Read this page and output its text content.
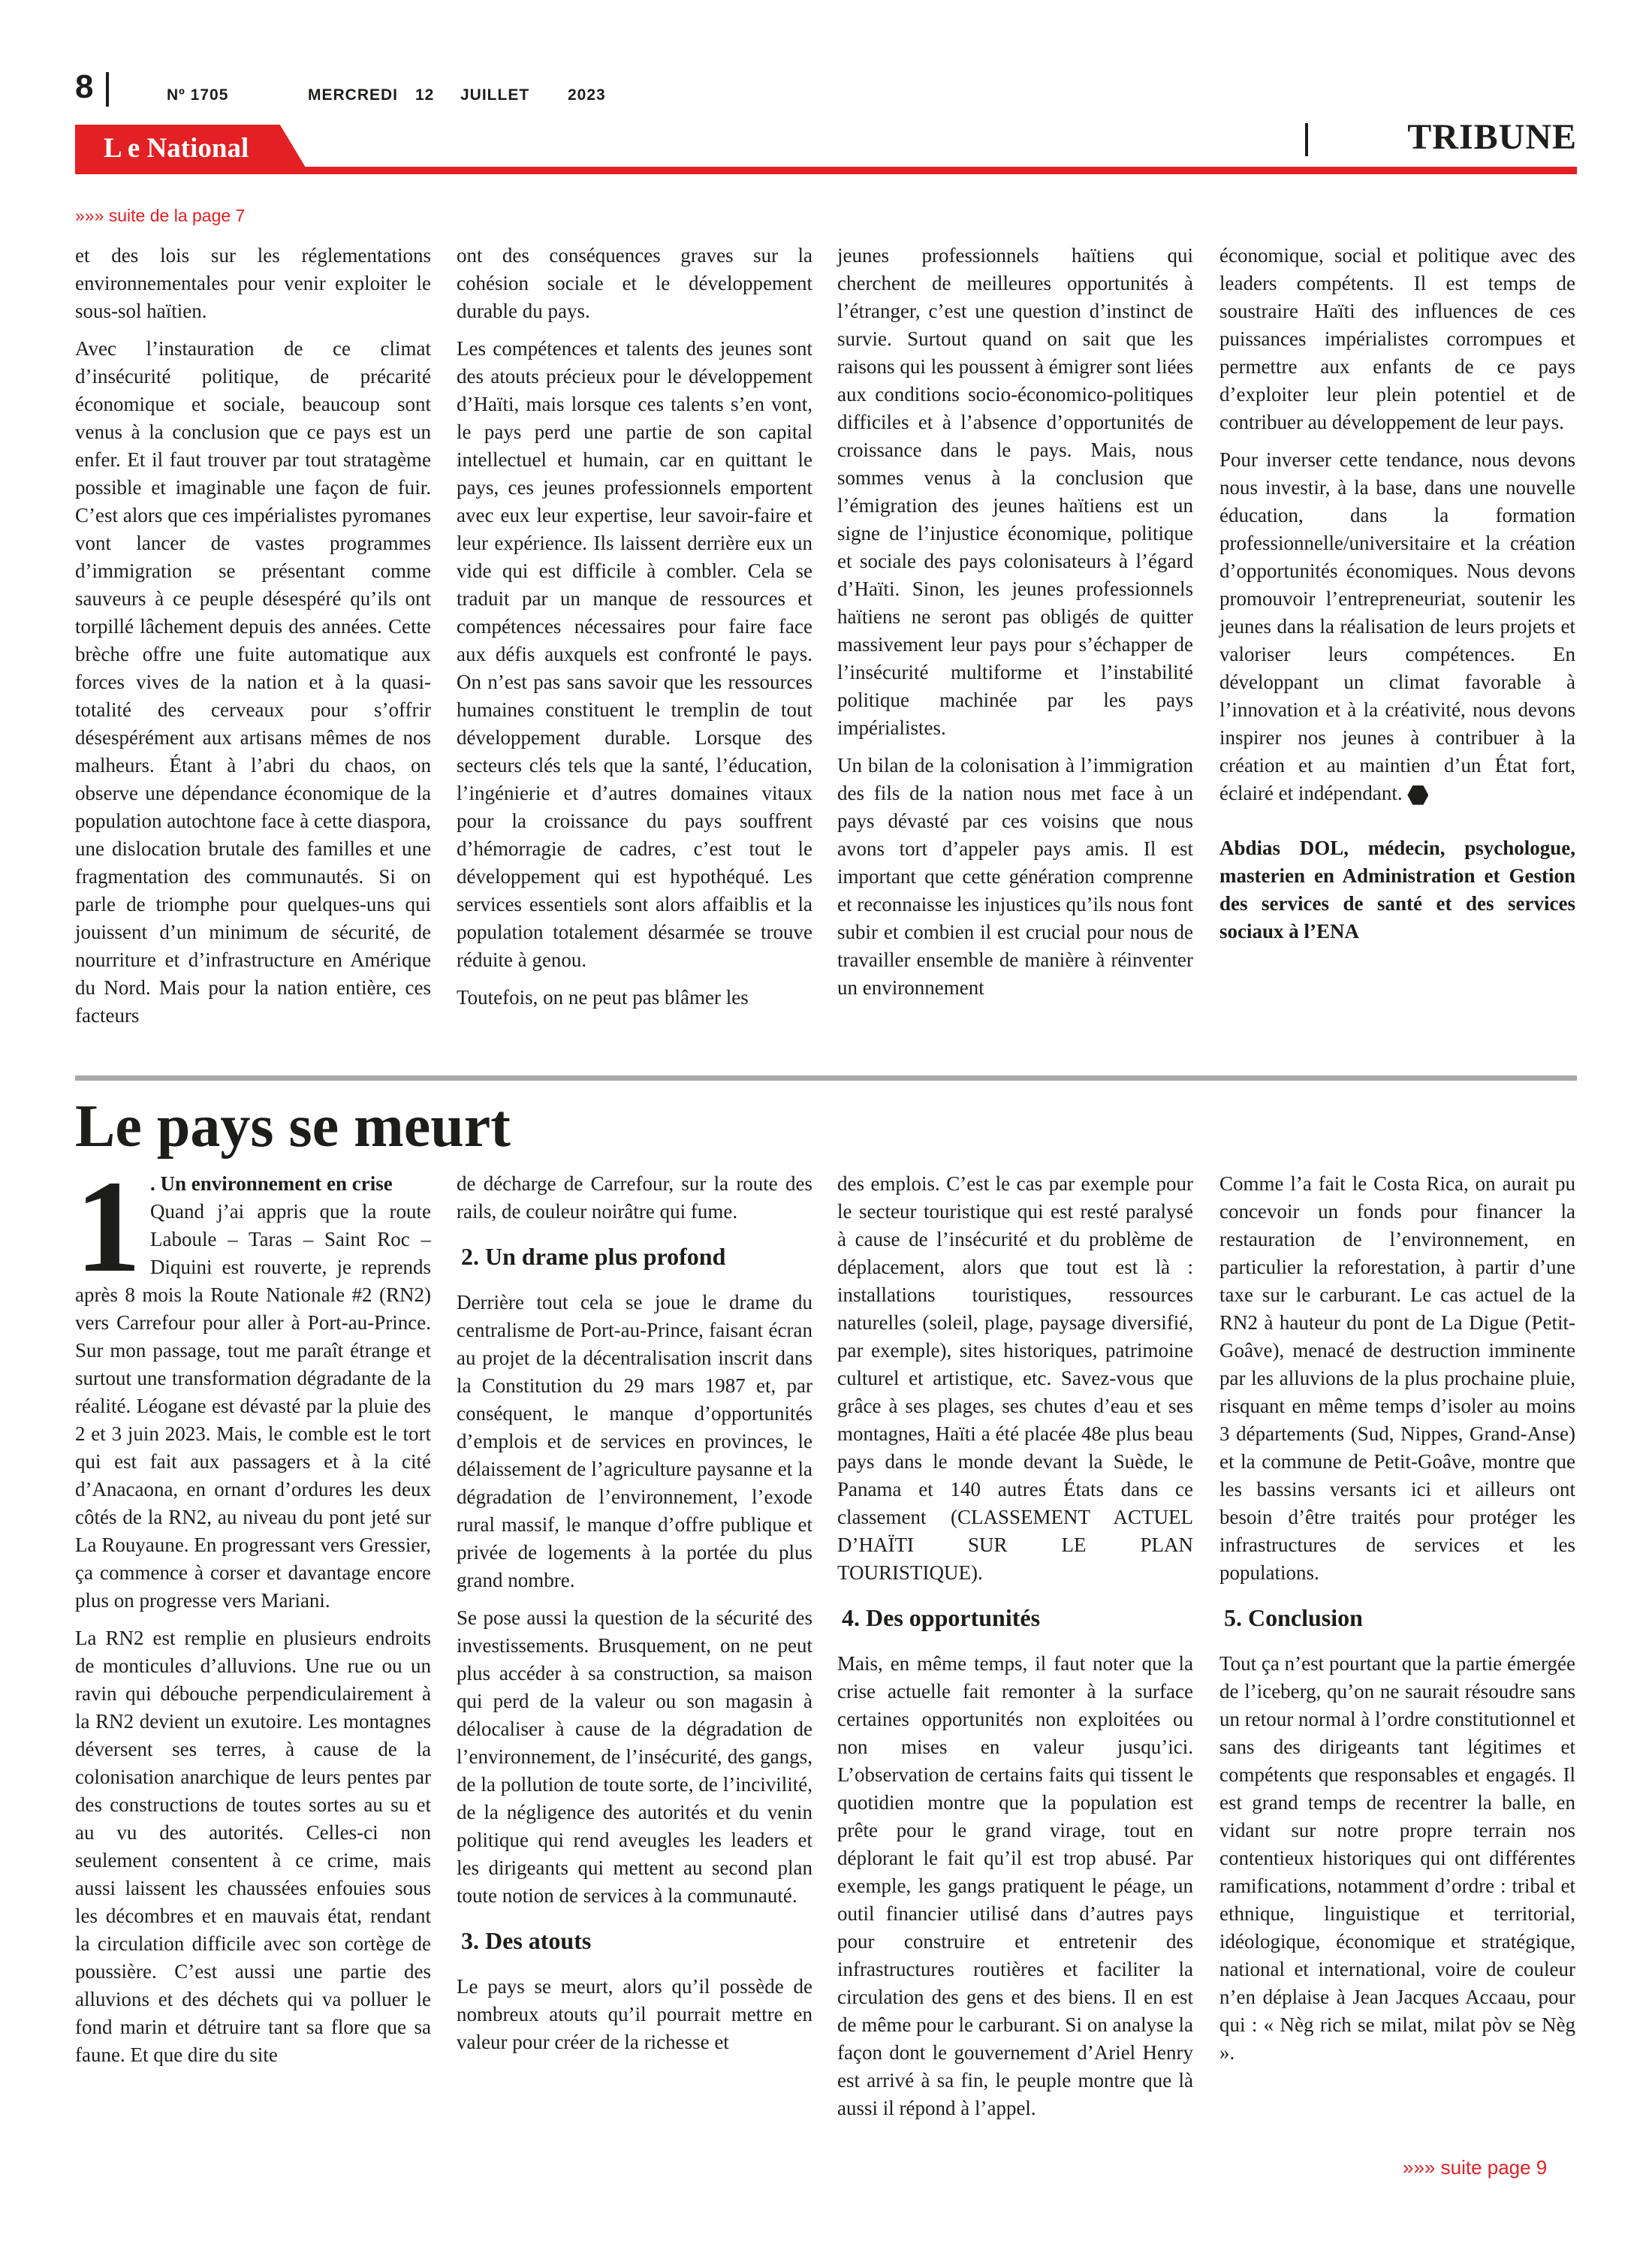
8	Nº 1705	MERCREDI 12 JUILLET 2023
L e National	TRIBUNE
»»» suite de la page 7

et des lois sur les réglementations environnementales pour venir exploiter le sous-sol haïtien.

Avec l’instauration de ce climat d’insécurité politique, de précarité économique et sociale, beaucoup sont venus à la conclusion que ce pays est un enfer. Et il faut trouver par tout stratagème possible et imaginable une façon de fuir. C’est alors que ces impérialistes pyromanes vont lancer de vastes programmes d’immigration se présentant comme sauveurs à ce peuple désespéré qu’ils ont torpillé lâchement depuis des années. Cette brèche offre une fuite automatique aux forces vives de la nation et à la quasi-totalité des cerveaux pour s’offrir désespérément aux artisans mêmes de nos malheurs. Étant à l’abri du chaos, on observe une dépendance économique de la population autochtone face à cette diaspora, une dislocation brutale des familles et une fragmentation des communautés. Si on parle de triomphe pour quelques-uns qui jouissent d’un minimum de sécurité, de nourriture et d’infrastructure en Amérique du Nord. Mais pour la nation entière, ces facteurs

ont des conséquences graves sur la cohésion sociale et le développement durable du pays.

Les compétences et talents des jeunes sont des atouts précieux pour le développement d’Haïti, mais lorsque ces talents s’en vont, le pays perd une partie de son capital intellectuel et humain, car en quittant le pays, ces jeunes professionnels emportent avec eux leur expertise, leur savoir-faire et leur expérience. Ils laissent derrière eux un vide qui est difficile à combler. Cela se traduit par un manque de ressources et compétences nécessaires pour faire face aux défis auxquels est confronté le pays. On n’est pas sans savoir que les ressources humaines constituent le tremplin de tout développement durable. Lorsque des secteurs clés tels que la santé, l’éducation, l’ingénierie et d’autres domaines vitaux pour la croissance du pays souffrent d’hémorragie de cadres, c’est tout le développement qui est hypothéqué. Les services essentiels sont alors affaiblis et la population totalement désarmée se trouve réduite à genou.

Toutefois, on ne peut pas blâmer les

jeunes professionnels haïtiens qui cherchent de meilleures opportunités à l’étranger, c’est une question d’instinct de survie. Surtout quand on sait que les raisons qui les poussent à émigrer sont liées aux conditions socio-économico-politiques difficiles et à l’absence d’opportunités de croissance dans le pays. Mais, nous sommes venus à la conclusion que l’émigration des jeunes haïtiens est un signe de l’injustice économique, politique et sociale des pays colonisateurs à l’égard d’Haïti. Sinon, les jeunes professionnels haïtiens ne seront pas obligés de quitter massivement leur pays pour s’échapper de l’insécurité multiforme et l’instabilité politique machinée par les pays impérialistes.

Un bilan de la colonisation à l’immigration des fils de la nation nous met face à un pays dévasté par ces voisins que nous avons tort d’appeler pays amis. Il est important que cette génération comprenne et reconnaisse les injustices qu’ils nous font subir et combien il est crucial pour nous de travailler ensemble de manière à réinventer un environnement

économique, social et politique avec des leaders compétents. Il est temps de soustraire Haïti des influences de ces puissances impérialistes corrompues et permettre aux enfants de ce pays d’exploiter leur plein potentiel et de contribuer au développement de leur pays.

Pour inverser cette tendance, nous devons nous investir, à la base, dans une nouvelle éducation, dans la formation professionnelle/universitaire et la création d’opportunités économiques. Nous devons promouvoir l’entrepreneuriat, soutenir les jeunes dans la réalisation de leurs projets et valoriser leurs compétences. En développant un climat favorable à l’innovation et à la créativité, nous devons inspirer nos jeunes à contribuer à la création et au maintien d’un État fort, éclairé et indépendant.

Abdias DOL, médecin, psychologue, masterien en Administration et Gestion des services de santé et des services sociaux à l’ENA

Le pays se meurt
1 . Un environnement en crise

Quand j’ai appris que la route Laboule – Taras – Saint Roc – Diquini est rouverte, je reprends après 8 mois la Route Nationale #2 (RN2) vers Carrefour pour aller à Port-au-Prince. Sur mon passage, tout me paraît étrange et surtout une transformation dégradante de la réalité. Léogane est dévasté par la pluie des 2 et 3 juin 2023. Mais, le comble est le tort qui est fait aux passagers et à la cité d’Anacaona, en ornant d’ordures les deux côtés de la RN2, au niveau du pont jeté sur La Rouyaune. En progressant vers Gressier, ça commence à corser et davantage encore plus on progresse vers Mariani.

La RN2 est remplie en plusieurs endroits de monticules d’alluvions. Une rue ou un ravin qui débouche perpendiculairement à la RN2 devient un exutoire. Les montagnes déversent ses terres, à cause de la colonisation anarchique de leurs pentes par des constructions de toutes sortes au su et au vu des autorités. Celles-ci non seulement consentent à ce crime, mais aussi laissent les chaussées enfouies sous les décombres et en mauvais état, rendant la circulation difficile avec son cortège de poussière. C’est aussi une partie des alluvions et des déchets qui va polluer le fond marin et détruire tant sa flore que sa faune. Et que dire du site

de décharge de Carrefour, sur la route des rails, de couleur noirâtre qui fume.

2. Un drame plus profond

Derrière tout cela se joue le drame du centralisme de Port-au-Prince, faisant écran au projet de la décentralisation inscrit dans la Constitution du 29 mars 1987 et, par conséquent, le manque d’opportunités d’emplois et de services en provinces, le délaissement de l’agriculture paysanne et la dégradation de l’environnement, l’exode rural massif, le manque d’offre publique et privée de logements à la portée du plus grand nombre.

Se pose aussi la question de la sécurité des investissements. Brusquement, on ne peut plus accéder à sa construction, sa maison qui perd de la valeur ou son magasin à délocaliser à cause de la dégradation de l’environnement, de l’insécurité, des gangs, de la pollution de toute sorte, de l’incivilité, de la négligence des autorités et du venin politique qui rend aveugles les leaders et les dirigeants qui mettent au second plan toute notion de services à la communauté.

3. Des atouts

Le pays se meurt, alors qu’il possède de nombreux atouts qu’il pourrait mettre en valeur pour créer de la richesse et

des emplois. C’est le cas par exemple pour le secteur touristique qui est resté paralysé à cause de l’insécurité et du problème de déplacement, alors que tout est là : installations touristiques, ressources naturelles (soleil, plage, paysage diversifié, par exemple), sites historiques, patrimoine culturel et artistique, etc. Savez-vous que grâce à ses plages, ses chutes d’eau et ses montagnes, Haïti a été placée 48e plus beau pays dans le monde devant la Suède, le Panama et 140 autres États dans ce classement (CLASSEMENT ACTUEL D’HAÏTI SUR LE PLAN TOURISTIQUE).

4. Des opportunités

Mais, en même temps, il faut noter que la crise actuelle fait remonter à la surface certaines opportunités non exploitées ou non mises en valeur jusqu’ici. L’observation de certains faits qui tissent le quotidien montre que la population est prête pour le grand virage, tout en déplorant le fait qu’il est trop abusé. Par exemple, les gangs pratiquent le péage, un outil financier utilisé dans d’autres pays pour construire et entretenir des infrastructures routières et faciliter la circulation des gens et des biens. Il en est de même pour le carburant. Si on analyse la façon dont le gouvernement d’Ariel Henry est arrivé à sa fin, le peuple montre que là aussi il répond à l’appel.

Comme l’a fait le Costa Rica, on aurait pu concevoir un fonds pour financer la restauration de l’environnement, en particulier la reforestation, à partir d’une taxe sur le carburant. Le cas actuel de la RN2 à hauteur du pont de La Digue (Petit-Goâve), menacé de destruction imminente par les alluvions de la plus prochaine pluie, risquant en même temps d’isoler au moins 3 départements (Sud, Nippes, Grand-Anse) et la commune de Petit-Goâve, montre que les bassins versants ici et ailleurs ont besoin d’être traités pour protéger les infrastructures de services et les populations.

5. Conclusion

Tout ça n’est pourtant que la partie émergée de l’iceberg, qu’on ne saurait résoudre sans un retour normal à l’ordre constitutionnel et sans des dirigeants tant légitimes et compétents que responsables et engagés. Il est grand temps de recentrer la balle, en vidant sur notre propre terrain nos contentieux historiques qui ont différentes ramifications, notamment d’ordre : tribal et ethnique, linguistique et territorial, idéologique, économique et stratégique, national et international, voire de couleur n’en déplaise à Jean Jacques Accaau, pour qui : « Nèg rich se milat, milat pòv se Nèg ».

»»» suite page 9
